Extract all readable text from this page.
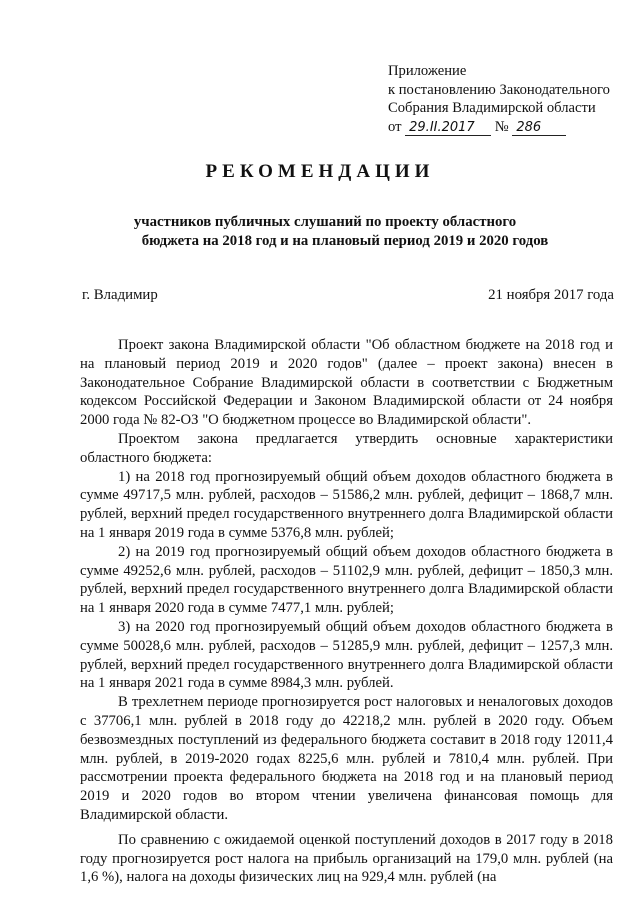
Приложение
к постановлению Законодательного
Собрания Владимирской области
от 29.II.2017 № 286
РЕКОМЕНДАЦИИ
участников публичных слушаний по проекту областного
бюджета на 2018 год и на плановый период 2019 и 2020 годов
г. Владимир	21 ноября 2017 года

Проект закона Владимирской области "Об областном бюджете на 2018 год и на плановый период 2019 и 2020 годов" (далее – проект закона) внесен в Законодательное Собрание Владимирской области в соответствии с Бюджетным кодексом Российской Федерации и Законом Владимирской области от 24 ноября 2000 года № 82-ОЗ "О бюджетном процессе во Владимирской области".

Проектом закона предлагается утвердить основные характеристики областного бюджета:

1) на 2018 год прогнозируемый общий объем доходов областного бюджета в сумме 49717,5 млн. рублей, расходов – 51586,2 млн. рублей, дефицит – 1868,7 млн. рублей, верхний предел государственного внутреннего долга Владимирской области на 1 января 2019 года в сумме 5376,8 млн. рублей;

2) на 2019 год прогнозируемый общий объем доходов областного бюджета в сумме 49252,6 млн. рублей, расходов – 51102,9 млн. рублей, дефицит – 1850,3 млн. рублей, верхний предел государственного внутреннего долга Владимирской области на 1 января 2020 года в сумме 7477,1 млн. рублей;

3) на 2020 год прогнозируемый общий объем доходов областного бюджета в сумме 50028,6 млн. рублей, расходов – 51285,9 млн. рублей, дефицит – 1257,3 млн. рублей, верхний предел государственного внутреннего долга Владимирской области на 1 января 2021 года в сумме 8984,3 млн. рублей.

В трехлетнем периоде прогнозируется рост налоговых и неналоговых доходов с 37706,1 млн. рублей в 2018 году до 42218,2 млн. рублей в 2020 году. Объем безвозмездных поступлений из федерального бюджета составит в 2018 году 12011,4 млн. рублей, в 2019-2020 годах 8225,6 млн. рублей и 7810,4 млн. рублей. При рассмотрении проекта федерального бюджета на 2018 год и на плановый период 2019 и 2020 годов во втором чтении увеличена финансовая помощь для Владимирской области.

По сравнению с ожидаемой оценкой поступлений доходов в 2017 году в 2018 году прогнозируется рост налога на прибыль организаций на 179,0 млн. рублей (на 1,6 %), налога на доходы физических лиц на 929,4 млн. рублей (на
